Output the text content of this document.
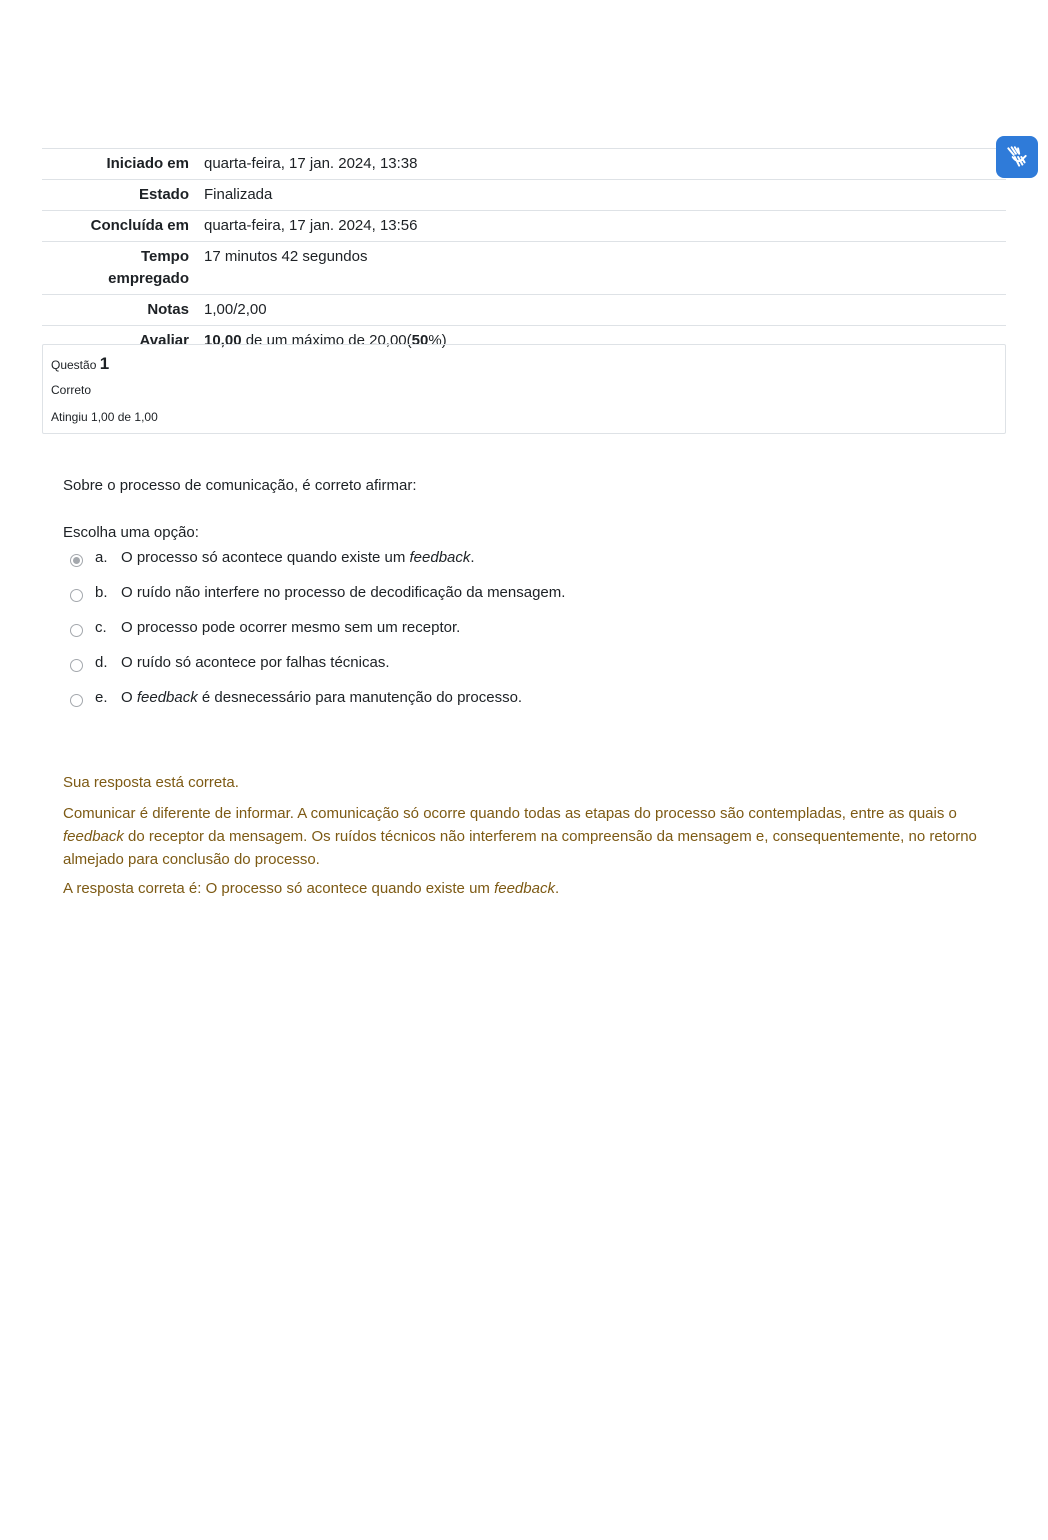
Iniciado em	quarta-feira, 17 jan. 2024, 13:38
Estado	Finalizada
Concluída em	quarta-feira, 17 jan. 2024, 13:56
Tempo empregado	17 minutos 42 segundos
Notas	1,00/2,00
Avaliar	10,00 de um máximo de 20,00(50%)
Questão 1
Correto
Atingiu 1,00 de 1,00
Sobre o processo de comunicação, é correto afirmar:
Escolha uma opção:
a. O processo só acontece quando existe um feedback.
b. O ruído não interfere no processo de decodificação da mensagem.
c. O processo pode ocorrer mesmo sem um receptor.
d. O ruído só acontece por falhas técnicas.
e. O feedback é desnecessário para manutenção do processo.

Sua resposta está correta.

Comunicar é diferente de informar. A comunicação só ocorre quando todas as etapas do processo são contempladas, entre as quais o feedback do receptor da mensagem. Os ruídos técnicos não interferem na compreensão da mensagem e, consequentemente, no retorno almejado para conclusão do processo.

A resposta correta é: O processo só acontece quando existe um feedback.
